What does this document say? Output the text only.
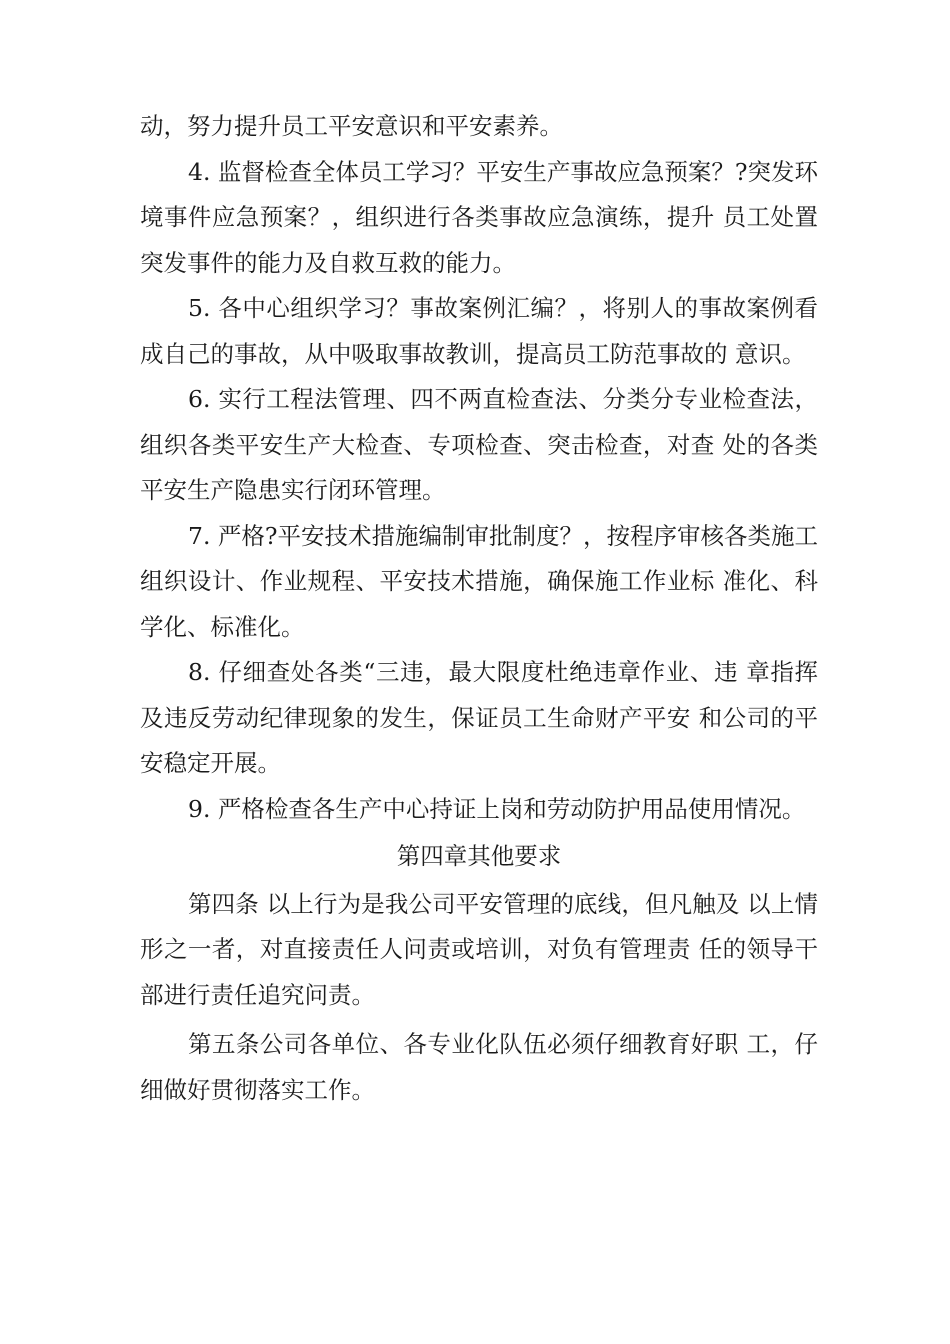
动，努力提升员工平安意识和平安素养。

4. 监督检查全体员工学习？平安生产事故应急预案？?突发环境事件应急预案？，组织进行各类事故应急演练，提升 员工处置突发事件的能力及自救互救的能力。

5. 各中心组织学习？事故案例汇编？，将别人的事故案例看成自己的事故，从中吸取事故教训，提高员工防范事故的 意识。

6. 实行工程法管理、四不两直检查法、分类分专业检查法，组织各类平安生产大检查、专项检查、突击检查，对查 处的各类平安生产隐患实行闭环管理。

7. 严格?平安技术措施编制审批制度？，按程序审核各类施工组织设计、作业规程、平安技术措施，确保施工作业标 准化、科学化、标准化。

8. 仔细查处各类“三违，最大限度杜绝违章作业、违 章指挥及违反劳动纪律现象的发生，保证员工生命财产平安 和公司的平安稳定开展。

9. 严格检查各生产中心持证上岗和劳动防护用品使用情况。

第四章其他要求

第四条 以上行为是我公司平安管理的底线，但凡触及 以上情形之一者，对直接责任人问责或培训，对负有管理责 任的领导干部进行责任追究问责。

第五条公司各单位、各专业化队伍必须仔细教育好职 工，仔细做好贯彻落实工作。
